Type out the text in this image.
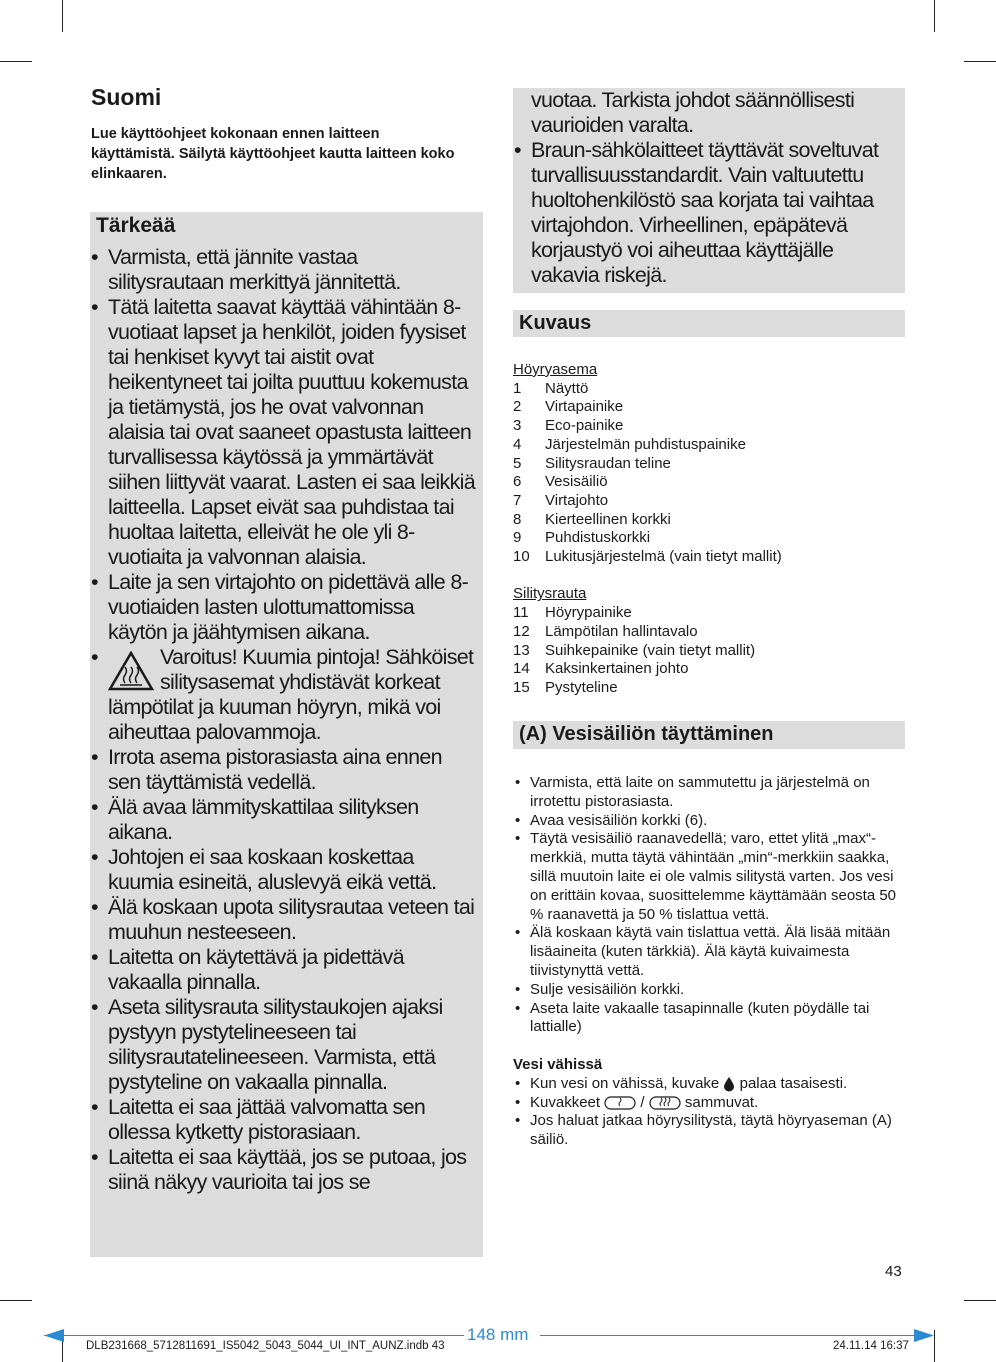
Suomi

Lue käyttöohjeet kokonaan ennen laitteen käyttämistä. Säilytä käyttöohjeet kautta laitteen koko elinkaaren.

Tärkeää
• Varmista, että jännite vastaa silitysrautaan merkittyä jännitettä.
• Tätä laitetta saavat käyttää vähintään 8-vuotiaat lapset ja henkilöt, joiden fyysiset tai henkiset kyvyt tai aistit ovat heikentyneet tai joilta puuttuu kokemusta ja tietämystä, jos he ovat valvonnan alaisia tai ovat saaneet opastusta laitteen turvallisessa käytössä ja ymmärtävät siihen liittyvät vaarat. Lasten ei saa leikkiä laitteella. Lapset eivät saa puhdistaa tai huoltaa laitetta, elleivät he ole yli 8-vuotiaita ja valvonnan alaisia.
• Laite ja sen virtajohto on pidettävä alle 8-vuotiaiden lasten ulottumattomissa käytön ja jäähtymisen aikana.
• Varoitus! Kuumia pintoja! Sähköiset silitysasemat yhdistävät korkeat lämpötilat ja kuuman höyryn, mikä voi aiheuttaa palovammoja.
• Irrota asema pistorasiasta aina ennen sen täyttämistä vedellä.
• Älä avaa lämmityskattilaa silityksen aikana.
• Johtojen ei saa koskaan koskettaa kuumia esineitä, aluslevyä eikä vettä.
• Älä koskaan upota silitysrautaa veteen tai muuhun nesteeseen.
• Laitetta on käytettävä ja pidettävä vakaalla pinnalla.
• Aseta silitysrauta silitystaukojen ajaksi pystyyn pystytelineeseen tai silitysrautatelineeseen. Varmista, että pystyteline on vakaalla pinnalla.
• Laitetta ei saa jättää valvomatta sen ollessa kytketty pistorasiaan.
• Laitetta ei saa käyttää, jos se putoaa, jos siinä näkyy vaurioita tai jos se
vuotaa. Tarkista johdot säännöllisesti vaurioiden varalta.
• Braun-sähkölaitteet täyttävät soveltuvat turvallisuusstandardit. Vain valtuutettu huoltohenkilöstö saa korjata tai vaihtaa virtajohdon. Virheellinen, epäpätevä korjaustyö voi aiheuttaa käyttäjälle vakavia riskejä.
Kuvaus
Höyryasema
1 Näyttö
2 Virtapainike
3 Eco-painike
4 Järjestelmän puhdistuspainike
5 Silitysraudan teline
6 Vesisäiliö
7 Virtajohto
8 Kierteellinen korkki
9 Puhdistuskorkki
10 Lukitusjärjestelmä (vain tietyt mallit)
Silitysrauta
11 Höyrypainike
12 Lämpötilan hallintavalo
13 Suihkepainike (vain tietyt mallit)
14 Kaksinkertainen johto
15 Pystyteline
(A) Vesisäiliön täyttäminen
• Varmista, että laite on sammutettu ja järjestelmä on irrotettu pistorasiasta.
• Avaa vesisäiliön korkki (6).
• Täytä vesisäiliö raanavedellä; varo, ettet ylitä „max“-merkkiä, mutta täytä vähintään „min“-merkkiin saakka, sillä muutoin laite ei ole valmis silitystä varten. Jos vesi on erittäin kovaa, suosittelemme käyttämään seosta 50 % raanavettä ja 50 % tislattua vettä.
• Älä koskaan käytä vain tislattua vettä. Älä lisää mitään lisäaineita (kuten tärkkiä). Älä käytä kuivaimesta tiivistynyttä vettä.
• Sulje vesisäiliön korkki.
• Aseta laite vakaalle tasapinnalle (kuten pöydälle tai lattialle)
Vesi vähissä
• Kun vesi on vähissä, kuvake palaa tasaisesti.
• Kuvakkeet	/	sammuvat.
• Jos haluat jatkaa höyrysilitystä, täytä höyryaseman (A) säiliö.
43
148 mm
DLB231668_5712811691_IS5042_5043_5044_UI_INT_AUNZ.indb 43	24.11.14 16:37
